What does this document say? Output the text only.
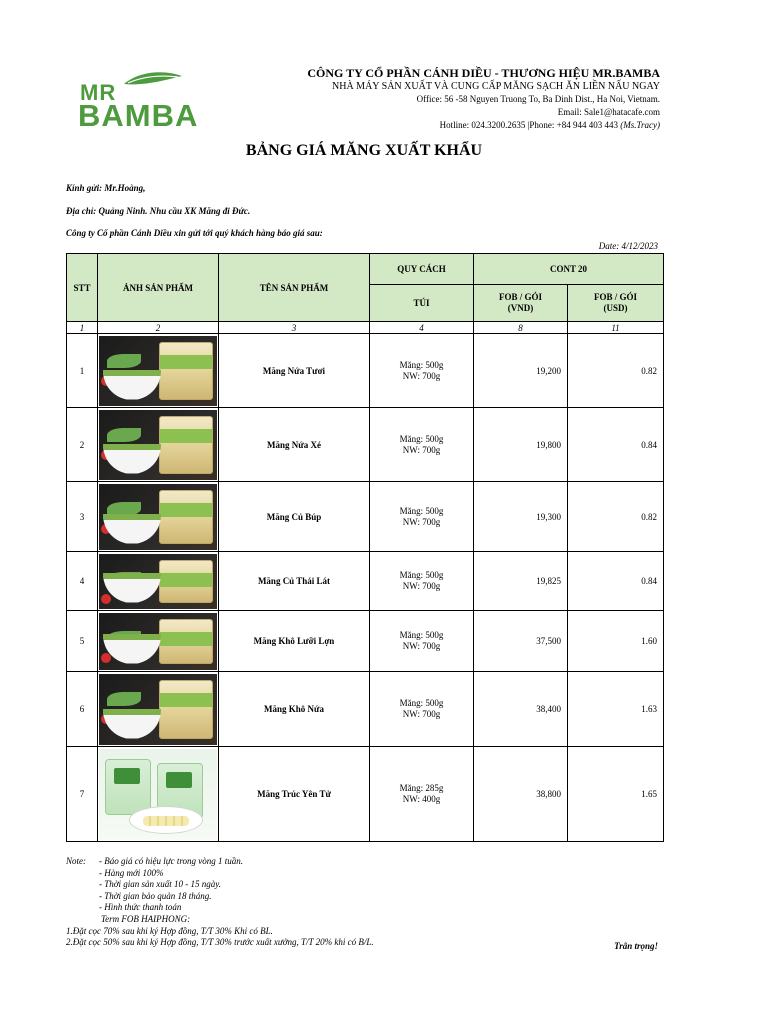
MR
BAMBA
CÔNG TY CỔ PHẦN CÁNH DIỀU - THƯƠNG HIỆU MR.BAMBA
NHÀ MÁY SẢN XUẤT VÀ CUNG CẤP MĂNG SẠCH ĂN LIỀN NẤU NGAY
Office: 56 -58 Nguyen Truong To, Ba Dinh Dist., Ha Noi, Vietnam.
Email: Sale1@hatacafe.com
Hotline: 024.3200.2635 |Phone: +84 944 403 443 (Ms.Tracy)
BẢNG GIÁ MĂNG XUẤT KHẨU
Kính gửi: Mr.Hoàng,
Địa chỉ: Quảng Ninh. Nhu cầu XK Măng đi Đức.
Công ty Cổ phần Cánh Diều xin gửi tới quý khách hàng báo giá sau:
Date: 4/12/2023
STT	ẢNH SẢN PHẨM	TÊN SẢN PHẨM	QUY CÁCH	CONT 20	
			TÚI	FOB / GÓI
(VND)	FOB / GÓI
(USD)
1	2	3	4	8	11
1		Măng Nứa Tươi	Măng: 500g
NW: 700g	19,200	0.82
2		Măng Nứa Xé	Măng: 500g
NW: 700g	19,800	0.84
3		Măng Củ Búp	Măng: 500g
NW: 700g	19,300	0.82
4		Măng Củ Thái Lát	Măng: 500g
NW: 700g	19,825	0.84
5		Măng Khô Lưỡi Lợn	Măng: 500g
NW: 700g	37,500	1.60
6		Măng Khô Nứa	Măng: 500g
NW: 700g	38,400	1.63
7		Măng Trúc Yên Tử	Măng: 285g
NW: 400g	38,800	1.65
Note: - Báo giá có hiệu lực trong vòng 1 tuần.
- Hàng mới 100%
- Thời gian sản xuất 10 - 15 ngày.
- Thời gian bảo quản 18 tháng.
- Hình thức thanh toán
Term FOB HAIPHONG:
1.Đặt cọc 70% sau khi ký Hợp đồng, T/T 30% Khi có BL.
2.Đặt cọc 50% sau khi ký Hợp đồng, T/T 30% trước xuất xưởng, T/T 20% khi có B/L.	Trân trọng!
